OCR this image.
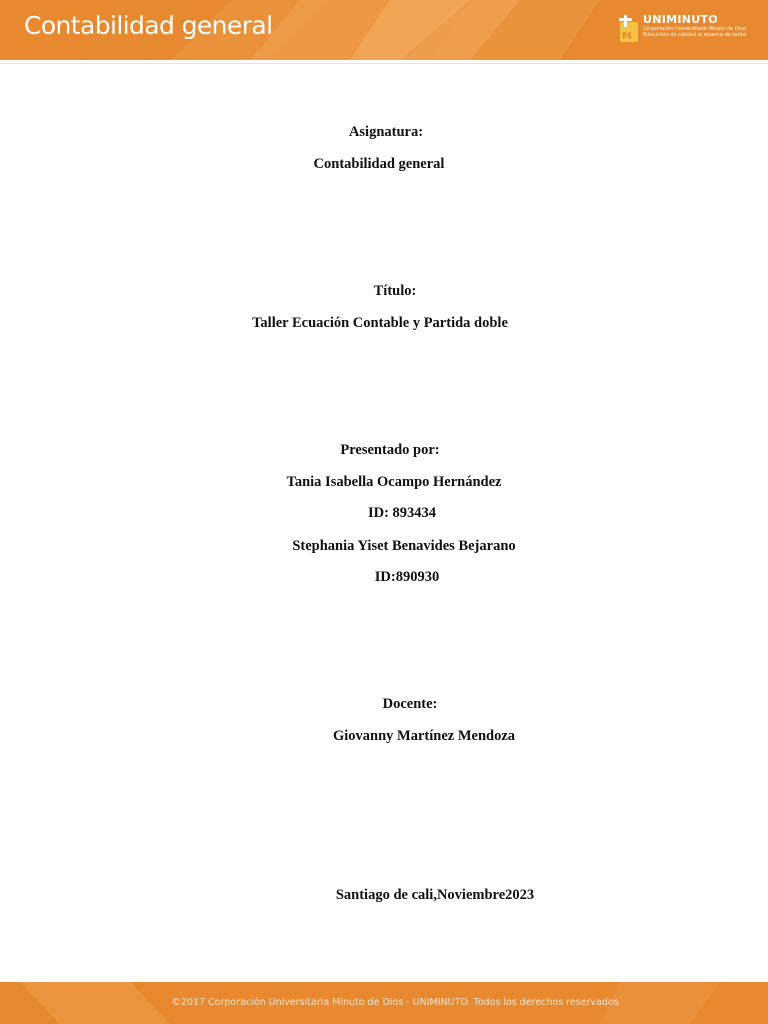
Contabilidad general	M
UNIMINUTO
Corporación Universitaria Minuto de Dios
Educación de calidad al alcance de todos
Asignatura:
Contabilidad general
Título:
Taller Ecuación Contable y Partida doble
Presentado por:
Tania Isabella Ocampo Hernández
ID: 893434
Stephania Yiset Benavides Bejarano
ID:890930
Docente:
Giovanny Martínez Mendoza
Santiago de cali,Noviembre2023
©2017 Corporación Universitaria Minuto de Dios - UNIMINUTO. Todos los derechos reservados
